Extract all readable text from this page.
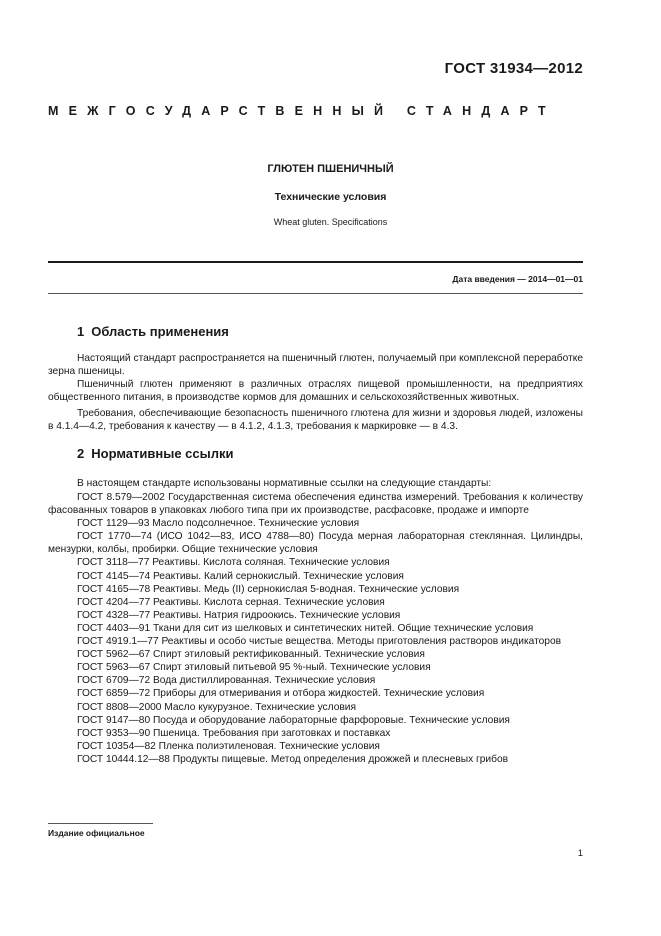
ГОСТ 31934—2012
МЕЖГОСУДАРСТВЕННЫЙ СТАНДАРТ
ГЛЮТЕН ПШЕНИЧНЫЙ
Технические условия
Wheat gluten. Specifications
Дата введения — 2014—01—01
1 Область применения

Настоящий стандарт распространяется на пшеничный глютен, получаемый при комплексной переработке зерна пшеницы.

Пшеничный глютен применяют в различных отраслях пищевой промышленности, на предприятиях общественного питания, в производстве кормов для домашних и сельскохозяйственных животных.

Требования, обеспечивающие безопасность пшеничного глютена для жизни и здоровья людей, изложены в 4.1.4—4.2, требования к качеству — в 4.1.2, 4.1.3, требования к маркировке — в 4.3.

2 Нормативные ссылки

В настоящем стандарте использованы нормативные ссылки на следующие стандарты:

ГОСТ 8.579—2002 Государственная система обеспечения единства измерений. Требования к количеству фасованных товаров в упаковках любого типа при их производстве, расфасовке, продаже и импорте
ГОСТ 1129—93 Масло подсолнечное. Технические условия
ГОСТ 1770—74 (ИСО 1042—83, ИСО 4788—80) Посуда мерная лабораторная стеклянная. Цилиндры, мензурки, колбы, пробирки. Общие технические условия
ГОСТ 3118—77 Реактивы. Кислота соляная. Технические условия
ГОСТ 4145—74 Реактивы. Калий сернокислый. Технические условия
ГОСТ 4165—78 Реактивы. Медь (II) сернокислая 5-водная. Технические условия
ГОСТ 4204—77 Реактивы. Кислота серная. Технические условия
ГОСТ 4328—77 Реактивы. Натрия гидроокись. Технические условия
ГОСТ 4403—91 Ткани для сит из шелковых и синтетических нитей. Общие технические условия
ГОСТ 4919.1—77 Реактивы и особо чистые вещества. Методы приготовления растворов индикаторов
ГОСТ 5962—67 Спирт этиловый ректификованный. Технические условия
ГОСТ 5963—67 Спирт этиловый питьевой 95 %-ный. Технические условия
ГОСТ 6709—72 Вода дистиллированная. Технические условия
ГОСТ 6859—72 Приборы для отмеривания и отбора жидкостей. Технические условия
ГОСТ 8808—2000 Масло кукурузное. Технические условия
ГОСТ 9147—80 Посуда и оборудование лабораторные фарфоровые. Технические условия
ГОСТ 9353—90 Пшеница. Требования при заготовках и поставках
ГОСТ 10354—82 Пленка полиэтиленовая. Технические условия
ГОСТ 10444.12—88 Продукты пищевые. Метод определения дрожжей и плесневых грибов
Издание официальное
1
